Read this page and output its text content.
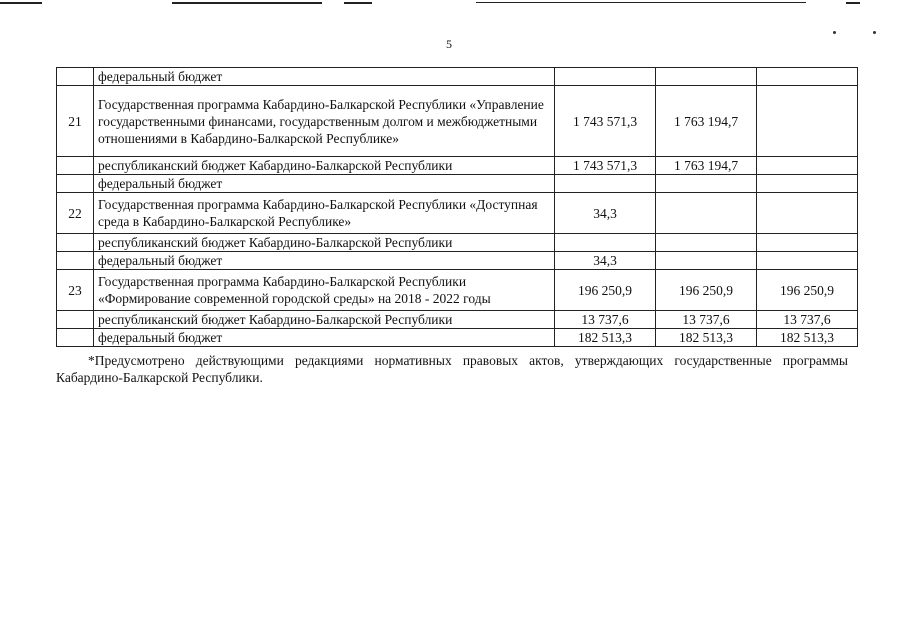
5
	федеральный бюджет			
21	Государственная программа Кабардино-Балкарской Республики «Управление государственными финансами, государственным долгом и межбюджетными отношениями в Кабардино-Балкарской Республике»	1 743 571,3	1 763 194,7	
	республиканский бюджет Кабардино-Балкарской Республики	1 743 571,3	1 763 194,7	
	федеральный бюджет			
22	Государственная программа Кабардино-Балкарской Республики «Доступная среда в Кабардино-Балкарской Республике»	34,3		
	республиканский бюджет Кабардино-Балкарской Республики			
	федеральный бюджет	34,3		
23	Государственная программа Кабардино-Балкарской Республики «Формирование современной городской среды» на 2018 - 2022 годы	196 250,9	196 250,9	196 250,9
	республиканский бюджет Кабардино-Балкарской Республики	13 737,6	13 737,6	13 737,6
	федеральный бюджет	182 513,3	182 513,3	182 513,3
*Предусмотрено действующими редакциями нормативных правовых актов, утверждающих государственные программы Кабардино-Балкарской Республики.
